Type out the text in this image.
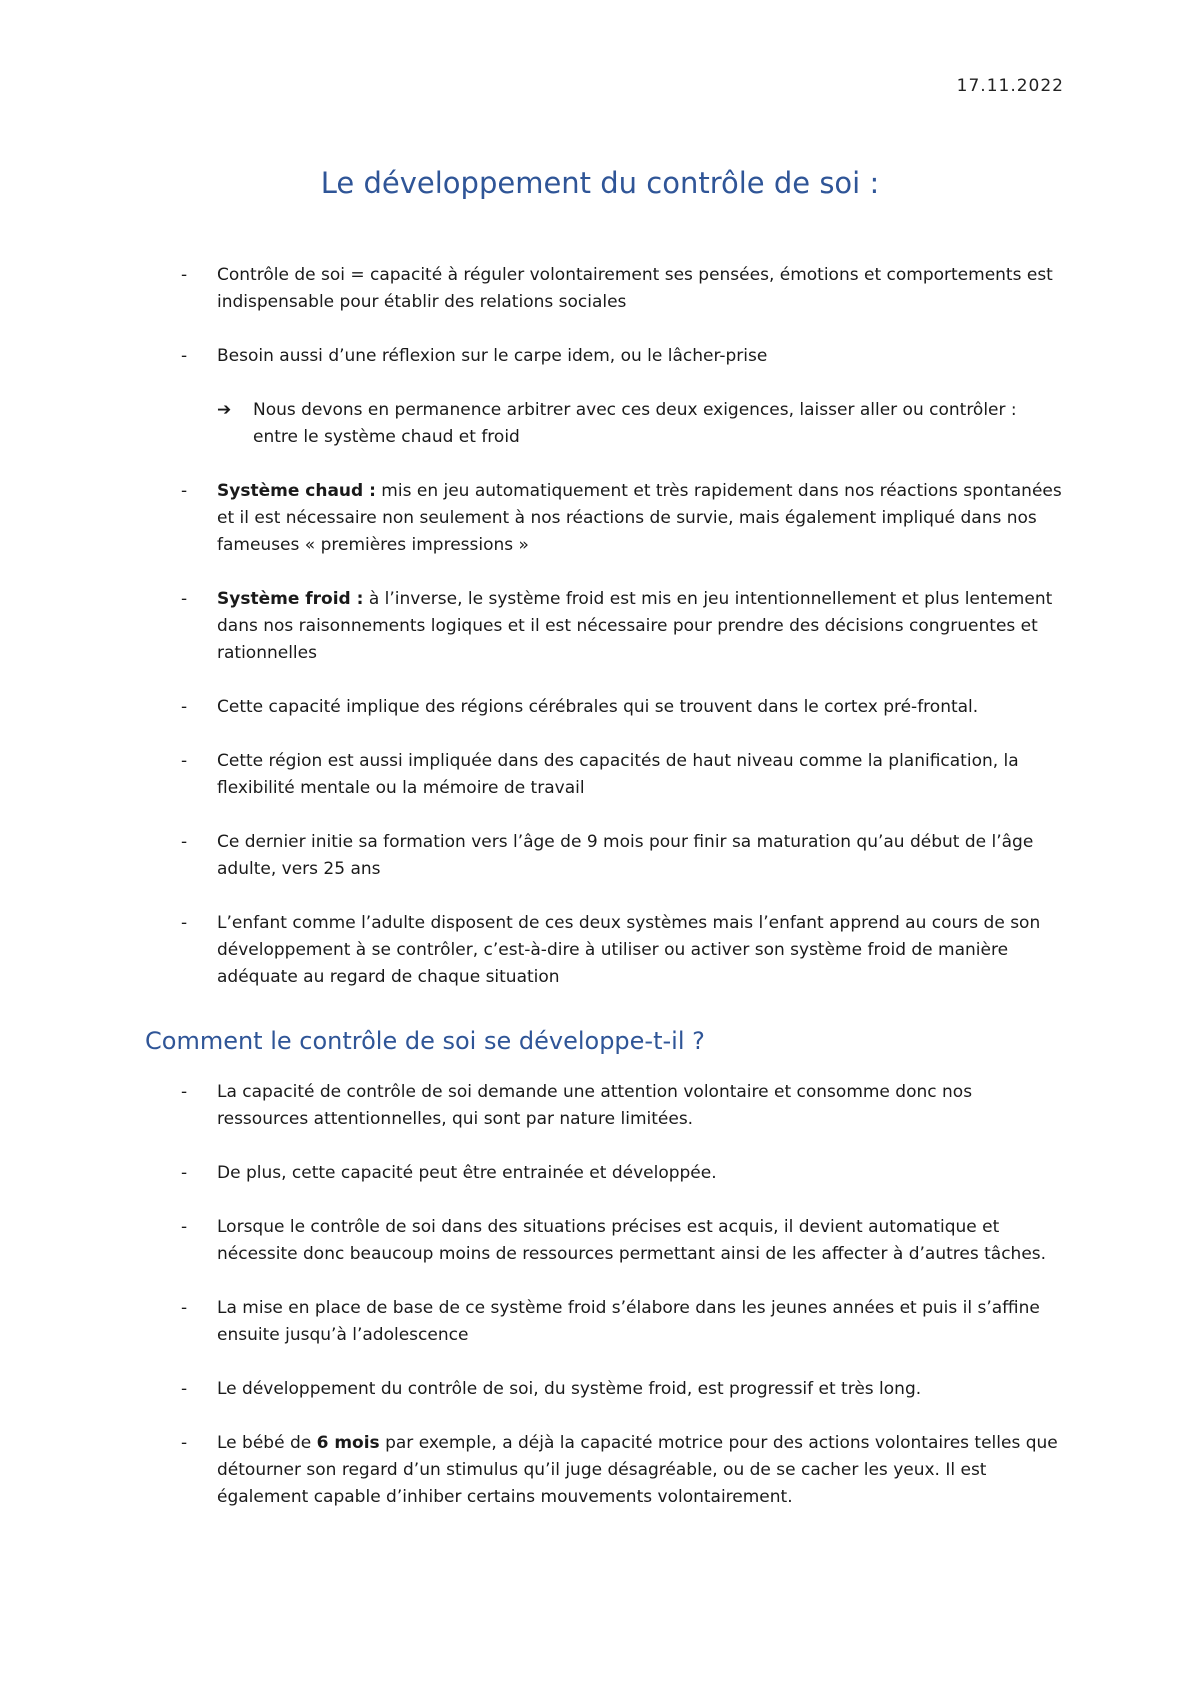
17.11.2022
Le développement du contrôle de soi :
- Contrôle de soi = capacité à réguler volontairement ses pensées, émotions et comportements est indispensable pour établir des relations sociales
- Besoin aussi d’une réflexion sur le carpe idem, ou le lâcher-prise
➔ Nous devons en permanence arbitrer avec ces deux exigences, laisser aller ou contrôler : entre le système chaud et froid
- Système chaud : mis en jeu automatiquement et très rapidement dans nos réactions spontanées et il est nécessaire non seulement à nos réactions de survie, mais également impliqué dans nos fameuses « premières impressions »
- Système froid : à l’inverse, le système froid est mis en jeu intentionnellement et plus lentement dans nos raisonnements logiques et il est nécessaire pour prendre des décisions congruentes et rationnelles
- Cette capacité implique des régions cérébrales qui se trouvent dans le cortex pré-frontal.
- Cette région est aussi impliquée dans des capacités de haut niveau comme la planification, la flexibilité mentale ou la mémoire de travail
- Ce dernier initie sa formation vers l’âge de 9 mois pour finir sa maturation qu’au début de l’âge adulte, vers 25 ans
- L’enfant comme l’adulte disposent de ces deux systèmes mais l’enfant apprend au cours de son développement à se contrôler, c’est-à-dire à utiliser ou activer son système froid de manière adéquate au regard de chaque situation
Comment le contrôle de soi se développe-t-il ?
- La capacité de contrôle de soi demande une attention volontaire et consomme donc nos ressources attentionnelles, qui sont par nature limitées.
- De plus, cette capacité peut être entrainée et développée.
- Lorsque le contrôle de soi dans des situations précises est acquis, il devient automatique et nécessite donc beaucoup moins de ressources permettant ainsi de les affecter à d’autres tâches.
- La mise en place de base de ce système froid s’élabore dans les jeunes années et puis il s’affine ensuite jusqu’à l’adolescence
- Le développement du contrôle de soi, du système froid, est progressif et très long.
- Le bébé de 6 mois par exemple, a déjà la capacité motrice pour des actions volontaires telles que détourner son regard d’un stimulus qu’il juge désagréable, ou de se cacher les yeux. Il est également capable d’inhiber certains mouvements volontairement.
